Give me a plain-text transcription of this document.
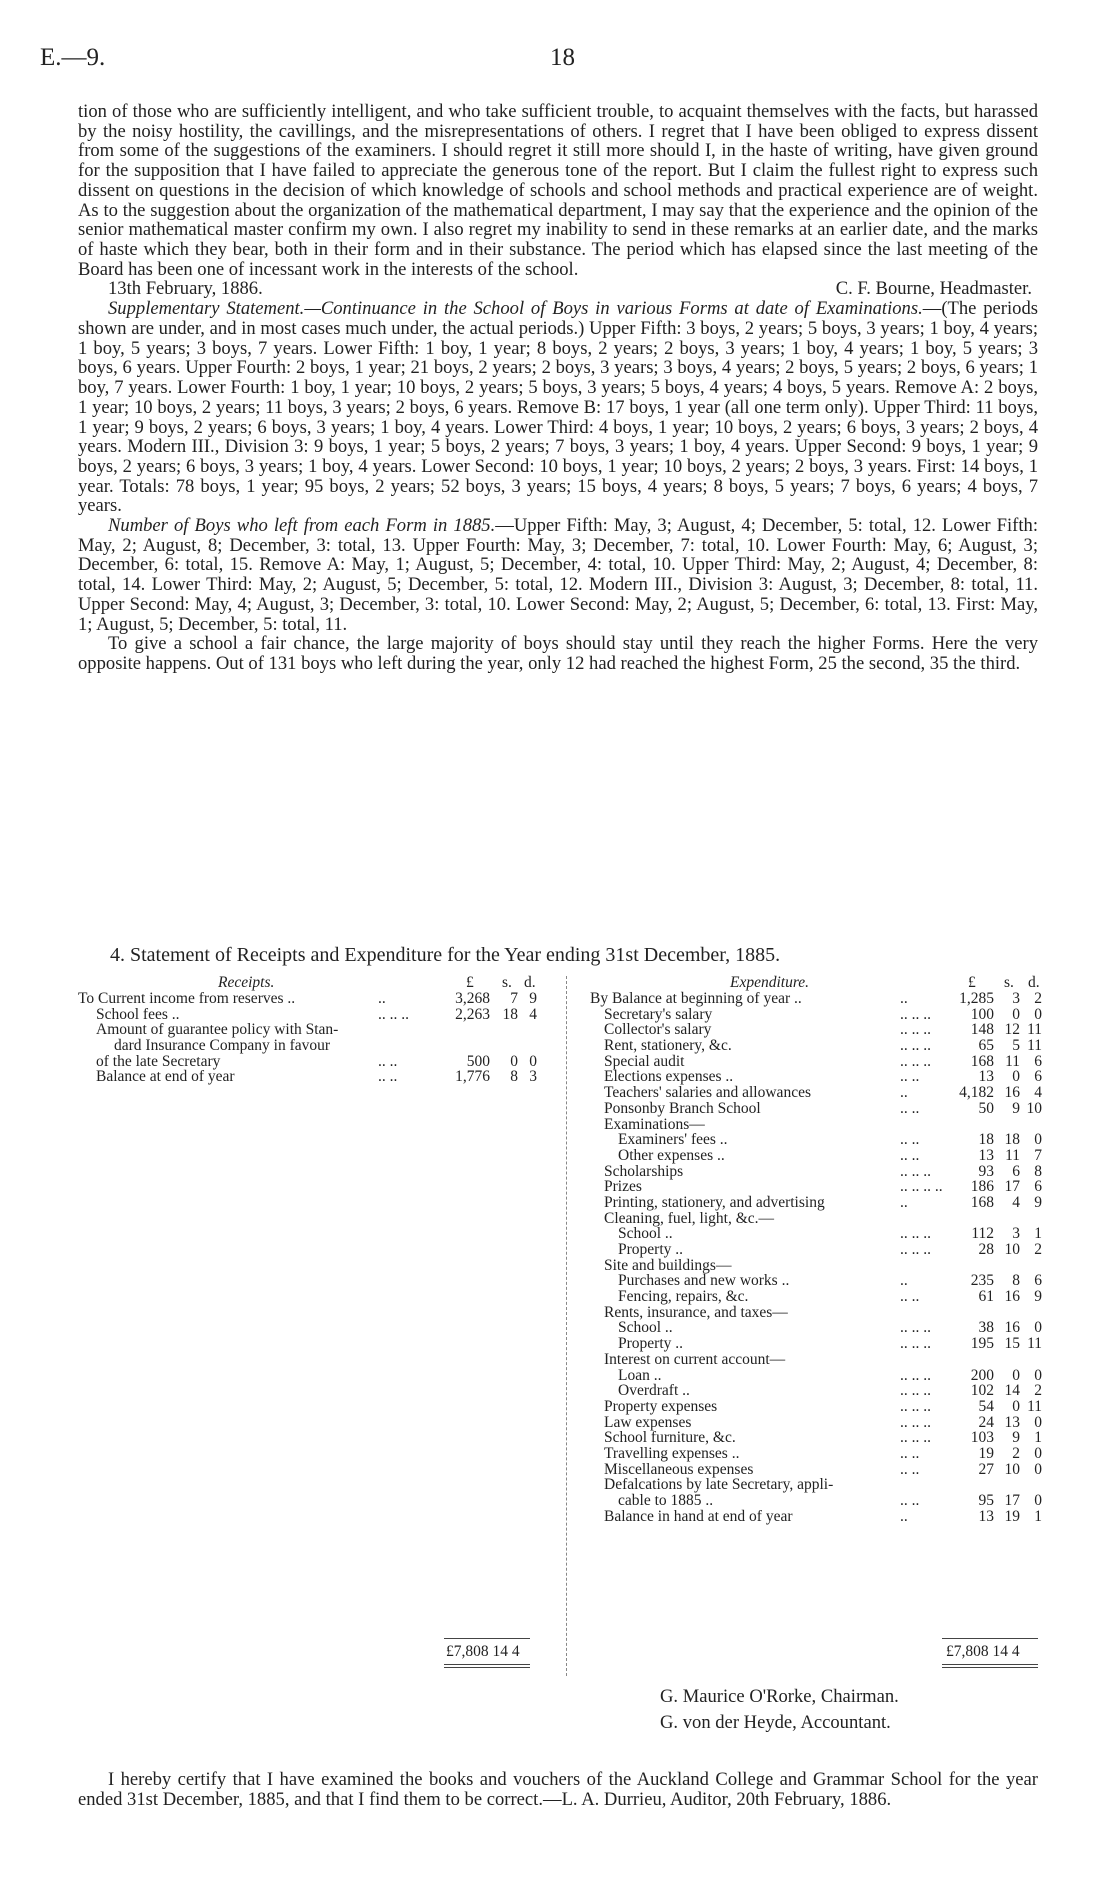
E.—9.	18

tion of those who are sufficiently intelligent, and who take sufficient trouble, to acquaint themselves with the facts, but harassed by the noisy hostility, the cavillings, and the misrepresentations of others. I regret that I have been obliged to express dissent from some of the suggestions of the examiners. I should regret it still more should I, in the haste of writing, have given ground for the supposition that I have failed to appreciate the generous tone of the report. But I claim the fullest right to express such dissent on questions in the decision of which knowledge of schools and school methods and practical experience are of weight. As to the suggestion about the organization of the mathematical department, I may say that the experience and the opinion of the senior mathematical master confirm my own. I also regret my inability to send in these remarks at an earlier date, and the marks of haste which they bear, both in their form and in their substance. The period which has elapsed since the last meeting of the Board has been one of incessant work in the interests of the school.

13th February, 1886.	C. F. Bourne, Headmaster.

Supplementary Statement.—Continuance in the School of Boys in various Forms at date of Examinations.—(The periods shown are under, and in most cases much under, the actual periods.) Upper Fifth: 3 boys, 2 years; 5 boys, 3 years; 1 boy, 4 years; 1 boy, 5 years; 3 boys, 7 years. Lower Fifth: 1 boy, 1 year; 8 boys, 2 years; 2 boys, 3 years; 1 boy, 4 years; 1 boy, 5 years; 3 boys, 6 years. Upper Fourth: 2 boys, 1 year; 21 boys, 2 years; 2 boys, 3 years; 3 boys, 4 years; 2 boys, 5 years; 2 boys, 6 years; 1 boy, 7 years. Lower Fourth: 1 boy, 1 year; 10 boys, 2 years; 5 boys, 3 years; 5 boys, 4 years; 4 boys, 5 years. Remove A: 2 boys, 1 year; 10 boys, 2 years; 11 boys, 3 years; 2 boys, 6 years. Remove B: 17 boys, 1 year (all one term only). Upper Third: 11 boys, 1 year; 9 boys, 2 years; 6 boys, 3 years; 1 boy, 4 years. Lower Third: 4 boys, 1 year; 10 boys, 2 years; 6 boys, 3 years; 2 boys, 4 years. Modern III., Division 3: 9 boys, 1 year; 5 boys, 2 years; 7 boys, 3 years; 1 boy, 4 years. Upper Second: 9 boys, 1 year; 9 boys, 2 years; 6 boys, 3 years; 1 boy, 4 years. Lower Second: 10 boys, 1 year; 10 boys, 2 years; 2 boys, 3 years. First: 14 boys, 1 year. Totals: 78 boys, 1 year; 95 boys, 2 years; 52 boys, 3 years; 15 boys, 4 years; 8 boys, 5 years; 7 boys, 6 years; 4 boys, 7 years.

Number of Boys who left from each Form in 1885.—Upper Fifth: May, 3; August, 4; December, 5: total, 12. Lower Fifth: May, 2; August, 8; December, 3: total, 13. Upper Fourth: May, 3; December, 7: total, 10. Lower Fourth: May, 6; August, 3; December, 6: total, 15. Remove A: May, 1; August, 5; December, 4: total, 10. Upper Third: May, 2; August, 4; December, 8: total, 14. Lower Third: May, 2; August, 5; December, 5: total, 12. Modern III., Division 3: August, 3; December, 8: total, 11. Upper Second: May, 4; August, 3; December, 3: total, 10. Lower Second: May, 2; August, 5; December, 6: total, 13. First: May, 1; August, 5; December, 5: total, 11.

To give a school a fair chance, the large majority of boys should stay until they reach the higher Forms. Here the very opposite happens. Out of 131 boys who left during the year, only 12 had reached the highest Form, 25 the second, 35 the third.

4. Statement of Receipts and Expenditure for the Year ending 31st December, 1885.
Receipts.	£ s. d.
To Current income from reserves ..	..	3,268	7 9
School fees ..	.. .. ..	2,263 18 4
Amount of guarantee policy with Stan-
dard Insurance Company in favour
of the late Secretary	.. ..	500	0 0
Balance at end of year	.. ..	1,776	8 3
Expenditure.	£ s. d.
By Balance at beginning of year ..	..	1,285	3 2
Secretary's salary	.. .. ..	100	0 0
Collector's salary	.. .. ..	148 12 11
Rent, stationery, &c.	.. .. ..	65	5 11
Special audit	.. .. ..	168 11 6
Elections expenses ..	.. ..	13	0 6
Teachers' salaries and allowances	..	4,182 16 4
Ponsonby Branch School	.. ..	50	9 10
Examinations—
Examiners' fees ..	.. ..	18 18 0
Other expenses ..	.. ..	13 11 7
Scholarships	.. .. ..	93	6 8
Prizes	.. .. .. ..	186 17 6
Printing, stationery, and advertising	..	168	4 9
Cleaning, fuel, light, &c.—
School ..	.. .. ..	112	3 1
Property ..	.. .. ..	28 10 2
Site and buildings—
Purchases and new works ..	..	235	8 6
Fencing, repairs, &c.	.. ..	61 16 9
Rents, insurance, and taxes—
School ..	.. .. ..	38 16 0
Property ..	.. .. ..	195 15 11
Interest on current account—
Loan ..	.. .. ..	200	0 0
Overdraft ..	.. .. ..	102 14 2
Property expenses	.. .. ..	54	0 11
Law expenses	.. .. ..	24 13 0
School furniture, &c.	.. .. ..	103	9 1
Travelling expenses ..	.. ..	19	2 0
Miscellaneous expenses	.. ..	27 10 0
Defalcations by late Secretary, appli-
cable to 1885 ..	.. ..	95 17 0
Balance in hand at end of year	..	13 19 1
£7,808 14 4	£7,808 14 4
G. Maurice O'Rorke, Chairman.
G. von der Heyde, Accountant.
I hereby certify that I have examined the books and vouchers of the Auckland College and Grammar School for the year ended 31st December, 1885, and that I find them to be correct.—L. A. Durrieu, Auditor, 20th February, 1886.
